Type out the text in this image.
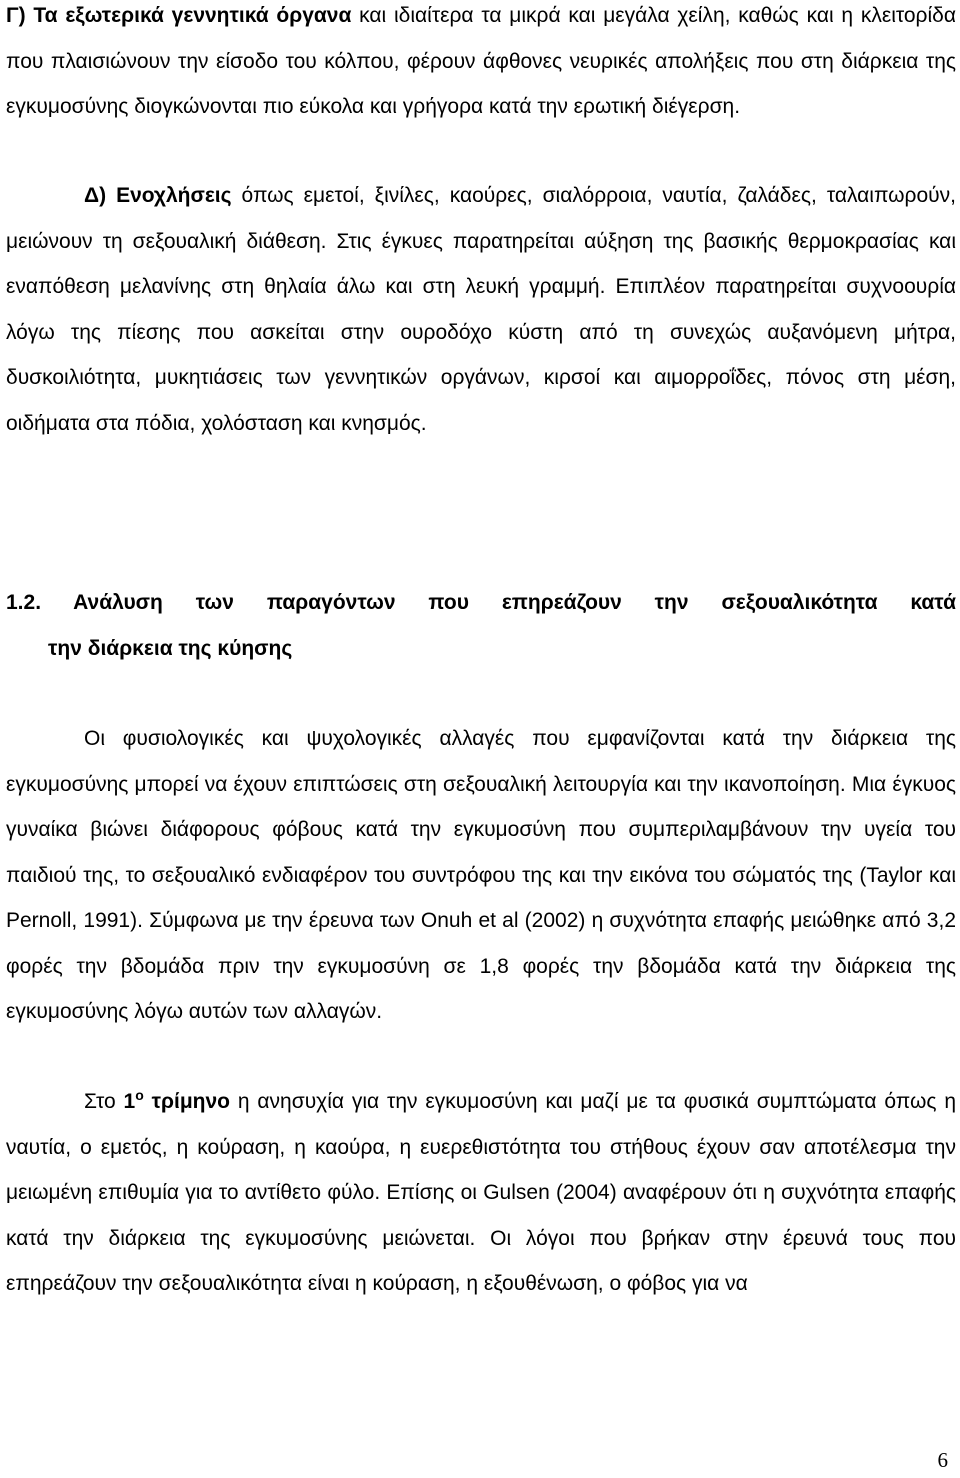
Γ) Τα εξωτερικά γεννητικά όργανα και ιδιαίτερα τα μικρά και μεγάλα χείλη, καθώς και η κλειτορίδα που πλαισιώνουν την είσοδο του κόλπου, φέρουν άφθονες νευρικές απολήξεις που στη διάρκεια της εγκυμοσύνης διογκώνονται πιο εύκολα και γρήγορα κατά την ερωτική διέγερση.

Δ) Ενοχλήσεις όπως εμετοί, ξινίλες, καούρες, σιαλόρροια, ναυτία, ζαλάδες, ταλαιπωρούν, μειώνουν τη σεξουαλική διάθεση. Στις έγκυες παρατηρείται αύξηση της βασικής θερμοκρασίας και εναπόθεση μελανίνης στη θηλαία άλω και στη λευκή γραμμή. Επιπλέον παρατηρείται συχνοουρία λόγω της πίεσης που ασκείται στην ουροδόχο κύστη από τη συνεχώς αυξανόμενη μήτρα, δυσκοιλιότητα, μυκητιάσεις των γεννητικών οργάνων, κιρσοί και αιμορροΐδες, πόνος στη μέση, οιδήματα στα πόδια, χολόσταση και κνησμός.

1.2. Ανάλυση των παραγόντων που επηρεάζουν την σεξουαλικότητα κατά
την διάρκεια της κύησης

Οι φυσιολογικές και ψυχολογικές αλλαγές που εμφανίζονται κατά την διάρκεια της εγκυμοσύνης μπορεί να έχουν επιπτώσεις στη σεξουαλική λειτουργία και την ικανοποίηση. Μια έγκυος γυναίκα βιώνει διάφορους φόβους κατά την εγκυμοσύνη που συμπεριλαμβάνουν την υγεία του παιδιού της, το σεξουαλικό ενδιαφέρον του συντρόφου της και την εικόνα του σώματός της (Taylor και Pernoll, 1991). Σύμφωνα με την έρευνα των Onuh et al (2002) η συχνότητα επαφής μειώθηκε από 3,2 φορές την βδομάδα πριν την εγκυμοσύνη σε 1,8 φορές την βδομάδα κατά την διάρκεια της εγκυμοσύνης λόγω αυτών των αλλαγών.

Στο $1^o$ τρίμηνο η ανησυχία για την εγκυμοσύνη και μαζί με τα φυσικά συμπτώματα όπως η ναυτία, ο εμετός, η κούραση, η καούρα, η ευερεθιστότητα του στήθους έχουν σαν αποτέλεσμα την μειωμένη επιθυμία για το αντίθετο φύλο. Επίσης οι Gulsen (2004) αναφέρουν ότι η συχνότητα επαφής κατά την διάρκεια της εγκυμοσύνης μειώνεται. Οι λόγοι που βρήκαν στην έρευνά τους που επηρεάζουν την σεξουαλικότητα είναι η κούραση, η εξουθένωση, ο φόβος για να

6
